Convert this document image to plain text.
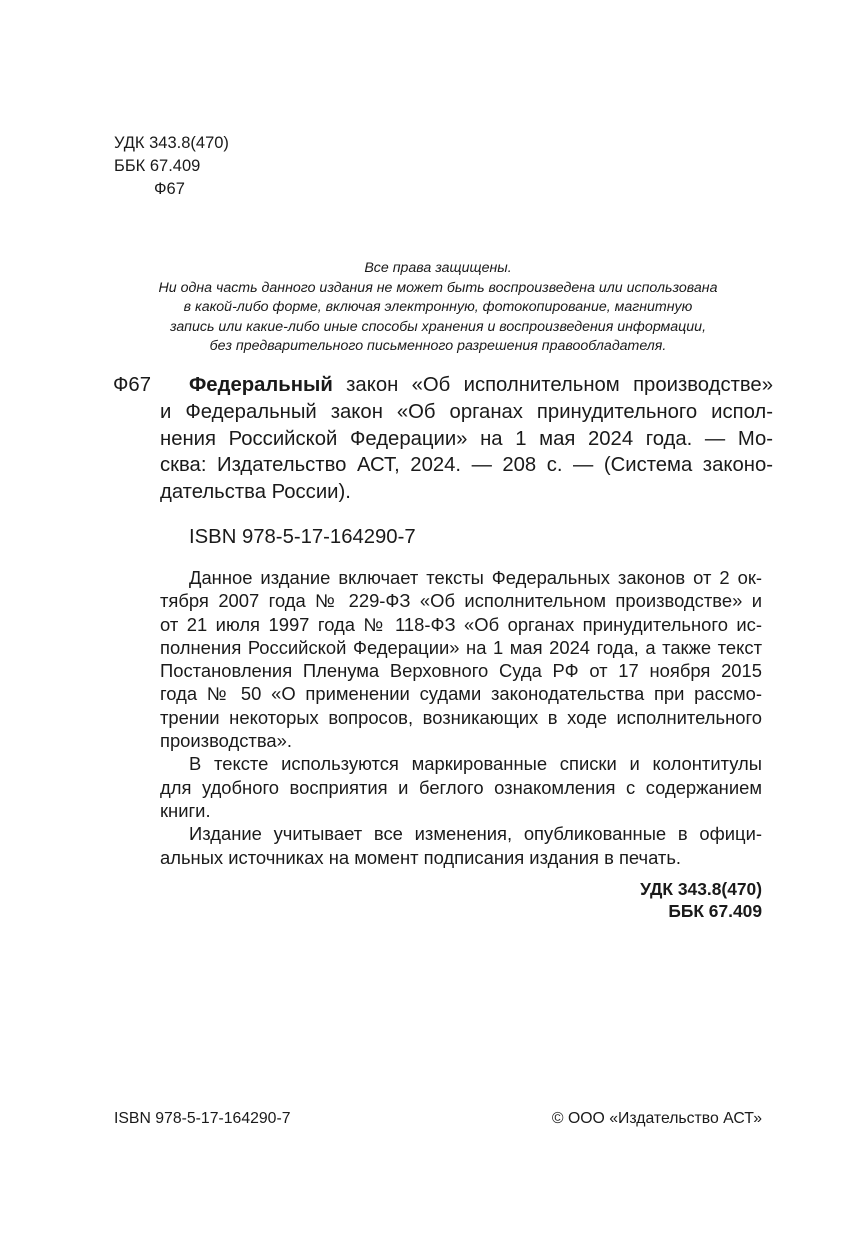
УДК 343.8(470)
ББК 67.409
Ф67
Все права защищены.
Ни одна часть данного издания не может быть воспроизведена или использована
в какой-либо форме, включая электронную, фотокопирование, магнитную
запись или какие-либо иные способы хранения и воспроизведения информации,
без предварительного письменного разрешения правообладателя.
Ф67	Федеральный закон «Об исполнительном производстве»
и Федеральный закон «Об органах принудительного испол-
нения Российской Федерации» на 1 мая 2024 года. — Мо-
сква: Издательство АСТ, 2024. — 208 с. — (Система законо-
дательства России).
ISBN 978-5-17-164290-7
Данное издание включает тексты Федеральных законов от 2 ок-
тября 2007 года № 229-ФЗ «Об исполнительном производстве» и
от 21 июля 1997 года № 118-ФЗ «Об органах принудительного ис-
полнения Российской Федерации» на 1 мая 2024 года, а также текст
Постановления Пленума Верховного Суда РФ от 17 ноября 2015
года № 50 «О применении судами законодательства при рассмо-
трении некоторых вопросов, возникающих в ходе исполнительного
производства».
В тексте используются маркированные списки и колонтитулы
для удобного восприятия и беглого ознакомления с содержанием
книги.
Издание учитывает все изменения, опубликованные в офици-
альных источниках на момент подписания издания в печать.
УДК 343.8(470)
ББК 67.409
ISBN 978-5-17-164290-7	© ООО «Издательство АСТ»
